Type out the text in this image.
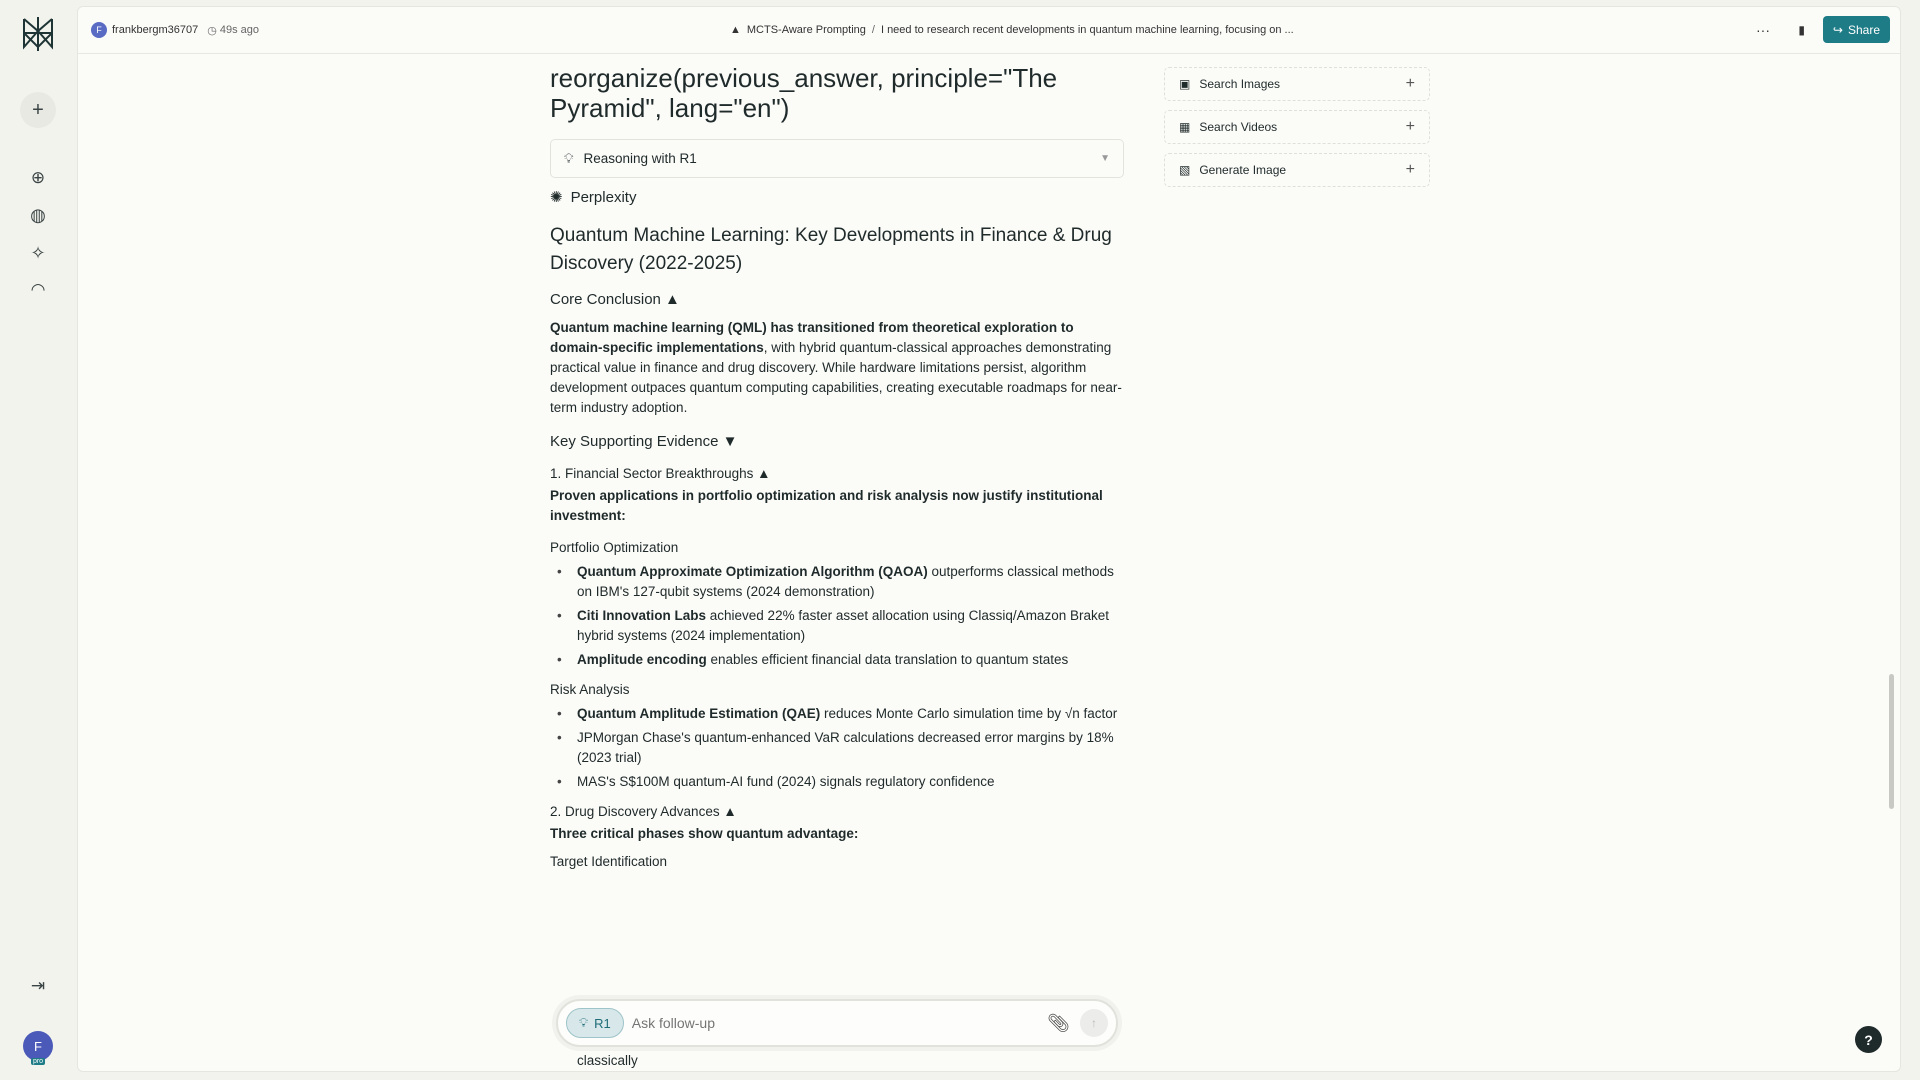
+
⊕
◍
✧
◠
⇥
F
pro
F frankbergm36707 ◷ 49s ago	▲ MCTS-Aware Prompting / I need to research recent developments in quantum machine learning, focusing on ...	··· ▮ ↪ Share
reorganize(previous_answer, principle="The Pyramid", lang="en")
💡︎ Reasoning with R1	▼
✺ Perplexity
Quantum Machine Learning: Key Developments in Finance & Drug Discovery (2022-2025)
Core Conclusion ▲

Quantum machine learning (QML) has transitioned from theoretical exploration to domain-specific implementations, with hybrid quantum-classical approaches demonstrating practical value in finance and drug discovery. While hardware limitations persist, algorithm development outpaces quantum computing capabilities, creating executable roadmaps for near-term industry adoption.

Key Supporting Evidence ▼
1. Financial Sector Breakthroughs ▲

Proven applications in portfolio optimization and risk analysis now justify institutional investment:

Portfolio Optimization
• Quantum Approximate Optimization Algorithm (QAOA) outperforms classical methods on IBM's 127-qubit systems (2024 demonstration)
• Citi Innovation Labs achieved 22% faster asset allocation using Classiq/Amazon Braket hybrid systems (2024 implementation)
• Amplitude encoding enables efficient financial data translation to quantum states
Risk Analysis
• Quantum Amplitude Estimation (QAE) reduces Monte Carlo simulation time by √n factor
• JPMorgan Chase's quantum-enhanced VaR calculations decreased error margins by 18% (2023 trial)
• MAS's S$100M quantum-AI fund (2024) signals regulatory confidence
2. Drug Discovery Advances ▲

Three critical phases show quantum advantage:

Target Identification
💡︎ R1
Ask follow-up	📎︎	↑
classically
▣ Search Images	+
▦ Search Videos	+
▧ Generate Image	+
?
